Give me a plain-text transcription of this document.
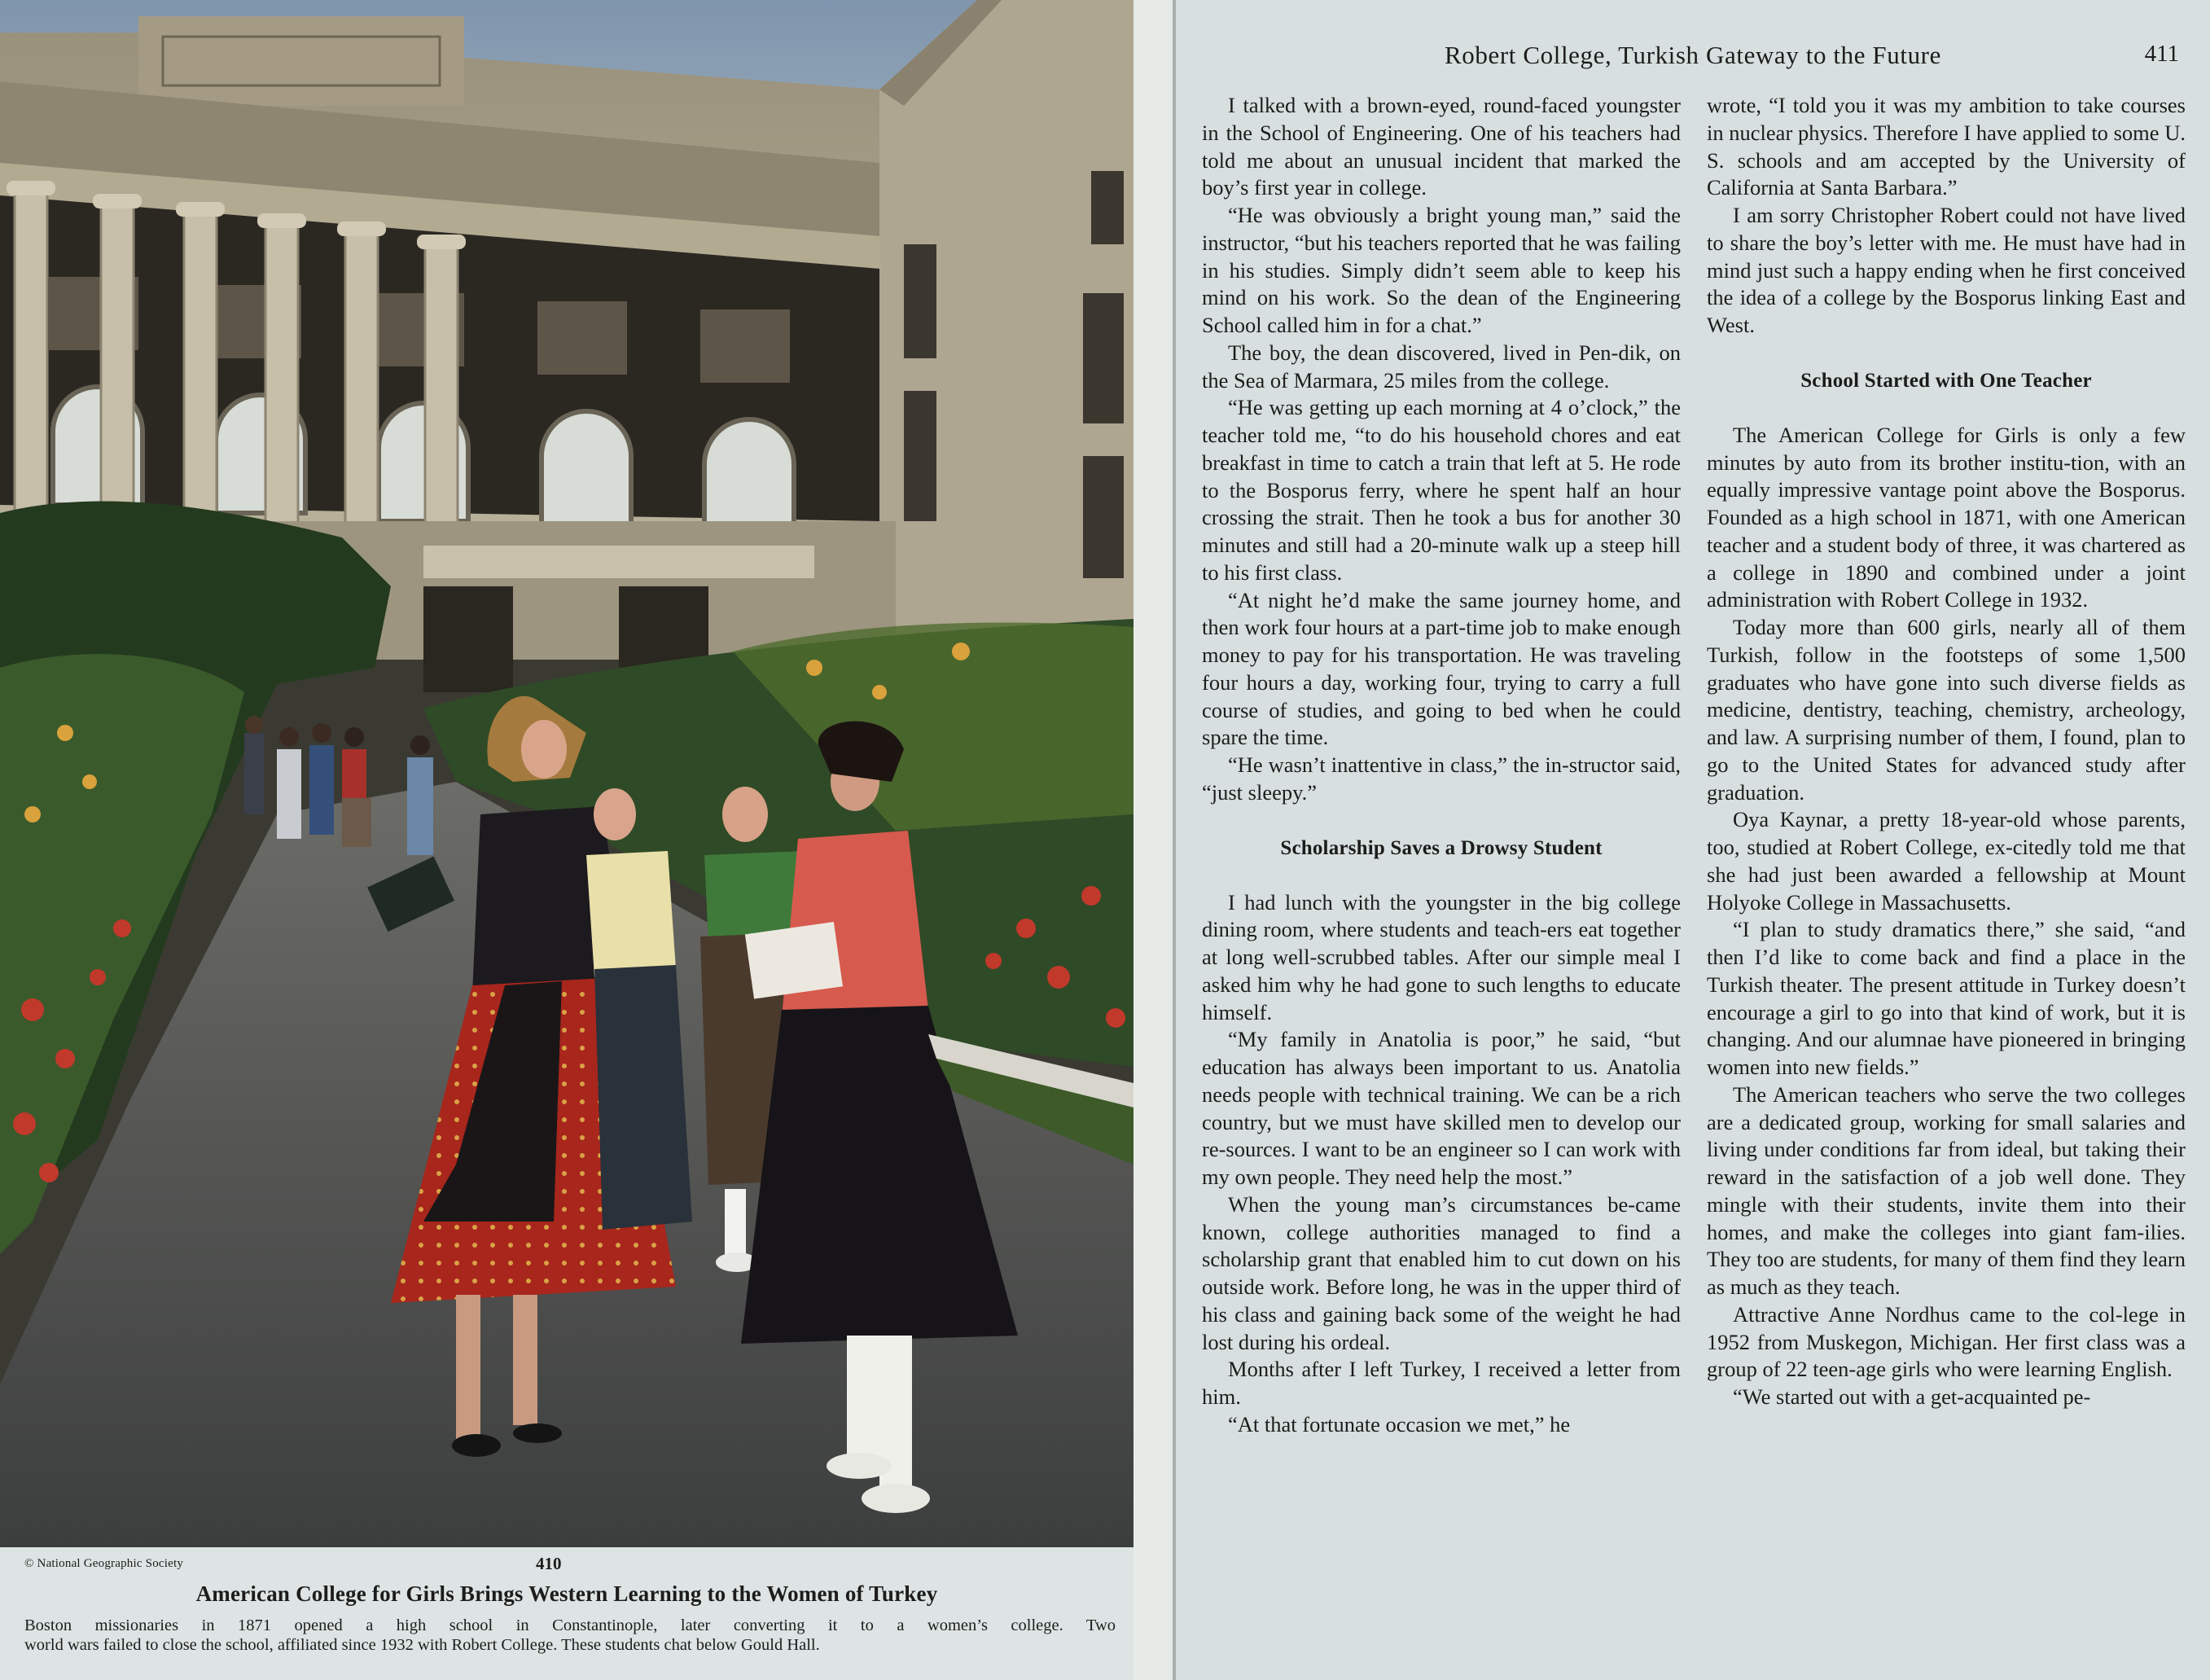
© National Geographic Society	410
American College for Girls Brings Western Learning to the Women of Turkey
Boston missionaries in 1871 opened a high school in Constantinople, later converting it to a women’s college. Two
world wars failed to close the school, affiliated since 1932 with Robert College. These students chat below Gould Hall.
Robert College, Turkish Gateway to the Future	411

I talked with a brown-eyed, round-faced youngster in the School of Engineering. One of his teachers had told me about an unusual incident that marked the boy’s first year in college.

“He was obviously a bright young man,” said the instructor, “but his teachers reported that he was failing in his studies. Simply didn’t seem able to keep his mind on his work. So the dean of the Engineering School called him in for a chat.”

The boy, the dean discovered, lived in Pen-dik, on the Sea of Marmara, 25 miles from the college.

“He was getting up each morning at 4 o’clock,” the teacher told me, “to do his household chores and eat breakfast in time to catch a train that left at 5. He rode to the Bosporus ferry, where he spent half an hour crossing the strait. Then he took a bus for another 30 minutes and still had a 20-minute walk up a steep hill to his first class.

“At night he’d make the same journey home, and then work four hours at a part-time job to make enough money to pay for his transportation. He was traveling four hours a day, working four, trying to carry a full course of studies, and going to bed when he could spare the time.

“He wasn’t inattentive in class,” the in-structor said, “just sleepy.”

Scholarship Saves a Drowsy Student

I had lunch with the youngster in the big college dining room, where students and teach-ers eat together at long well-scrubbed tables. After our simple meal I asked him why he had gone to such lengths to educate himself.

“My family in Anatolia is poor,” he said, “but education has always been important to us. Anatolia needs people with technical training. We can be a rich country, but we must have skilled men to develop our re-sources. I want to be an engineer so I can work with my own people. They need help the most.”

When the young man’s circumstances be-came known, college authorities managed to find a scholarship grant that enabled him to cut down on his outside work. Before long, he was in the upper third of his class and gaining back some of the weight he had lost during his ordeal.

Months after I left Turkey, I received a letter from him.

“At that fortunate occasion we met,” he

wrote, “I told you it was my ambition to take courses in nuclear physics. Therefore I have applied to some U. S. schools and am accepted by the University of California at Santa Barbara.”

I am sorry Christopher Robert could not have lived to share the boy’s letter with me. He must have had in mind just such a happy ending when he first conceived the idea of a college by the Bosporus linking East and West.

School Started with One Teacher

The American College for Girls is only a few minutes by auto from its brother institu-tion, with an equally impressive vantage point above the Bosporus. Founded as a high school in 1871, with one American teacher and a student body of three, it was chartered as a college in 1890 and combined under a joint administration with Robert College in 1932.

Today more than 600 girls, nearly all of them Turkish, follow in the footsteps of some 1,500 graduates who have gone into such diverse fields as medicine, dentistry, teaching, chemistry, archeology, and law. A surprising number of them, I found, plan to go to the United States for advanced study after graduation.

Oya Kaynar, a pretty 18-year-old whose parents, too, studied at Robert College, ex-citedly told me that she had just been awarded a fellowship at Mount Holyoke College in Massachusetts.

“I plan to study dramatics there,” she said, “and then I’d like to come back and find a place in the Turkish theater. The present attitude in Turkey doesn’t encourage a girl to go into that kind of work, but it is changing. And our alumnae have pioneered in bringing women into new fields.”

The American teachers who serve the two colleges are a dedicated group, working for small salaries and living under conditions far from ideal, but taking their reward in the satisfaction of a job well done. They mingle with their students, invite them into their homes, and make the colleges into giant fam-ilies. They too are students, for many of them find they learn as much as they teach.

Attractive Anne Nordhus came to the col-lege in 1952 from Muskegon, Michigan. Her first class was a group of 22 teen-age girls who were learning English.

“We started out with a get-acquainted pe-
